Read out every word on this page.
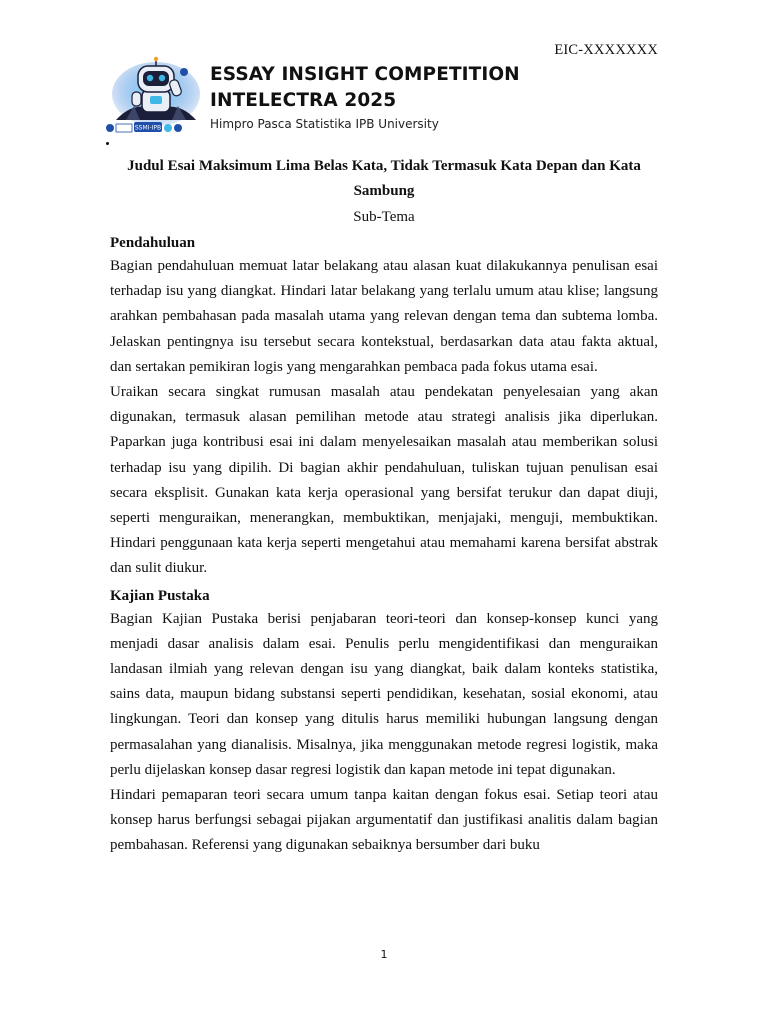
EIC-XXXXXXX
SSMI-IPB
ESSAY INSIGHT COMPETITION
INTELECTRA 2025
Himpro Pasca Statistika IPB University
Judul Esai Maksimum Lima Belas Kata, Tidak Termasuk Kata Depan dan Kata Sambung
Sub-Tema
Pendahuluan

Bagian pendahuluan memuat latar belakang atau alasan kuat dilakukannya penulisan esai terhadap isu yang diangkat. Hindari latar belakang yang terlalu umum atau klise; langsung arahkan pembahasan pada masalah utama yang relevan dengan tema dan subtema lomba. Jelaskan pentingnya isu tersebut secara kontekstual, berdasarkan data atau fakta aktual, dan sertakan pemikiran logis yang mengarahkan pembaca pada fokus utama esai.

Uraikan secara singkat rumusan masalah atau pendekatan penyelesaian yang akan digunakan, termasuk alasan pemilihan metode atau strategi analisis jika diperlukan. Paparkan juga kontribusi esai ini dalam menyelesaikan masalah atau memberikan solusi terhadap isu yang dipilih. Di bagian akhir pendahuluan, tuliskan tujuan penulisan esai secara eksplisit. Gunakan kata kerja operasional yang bersifat terukur dan dapat diuji, seperti menguraikan, menerangkan, membuktikan, menjajaki, menguji, membuktikan. Hindari penggunaan kata kerja seperti mengetahui atau memahami karena bersifat abstrak dan sulit diukur.

Kajian Pustaka

Bagian Kajian Pustaka berisi penjabaran teori-teori dan konsep-konsep kunci yang menjadi dasar analisis dalam esai. Penulis perlu mengidentifikasi dan menguraikan landasan ilmiah yang relevan dengan isu yang diangkat, baik dalam konteks statistika, sains data, maupun bidang substansi seperti pendidikan, kesehatan, sosial ekonomi, atau lingkungan. Teori dan konsep yang ditulis harus memiliki hubungan langsung dengan permasalahan yang dianalisis. Misalnya, jika menggunakan metode regresi logistik, maka perlu dijelaskan konsep dasar regresi logistik dan kapan metode ini tepat digunakan.

Hindari pemaparan teori secara umum tanpa kaitan dengan fokus esai. Setiap teori atau konsep harus berfungsi sebagai pijakan argumentatif dan justifikasi analitis dalam bagian pembahasan. Referensi yang digunakan sebaiknya bersumber dari buku

1
